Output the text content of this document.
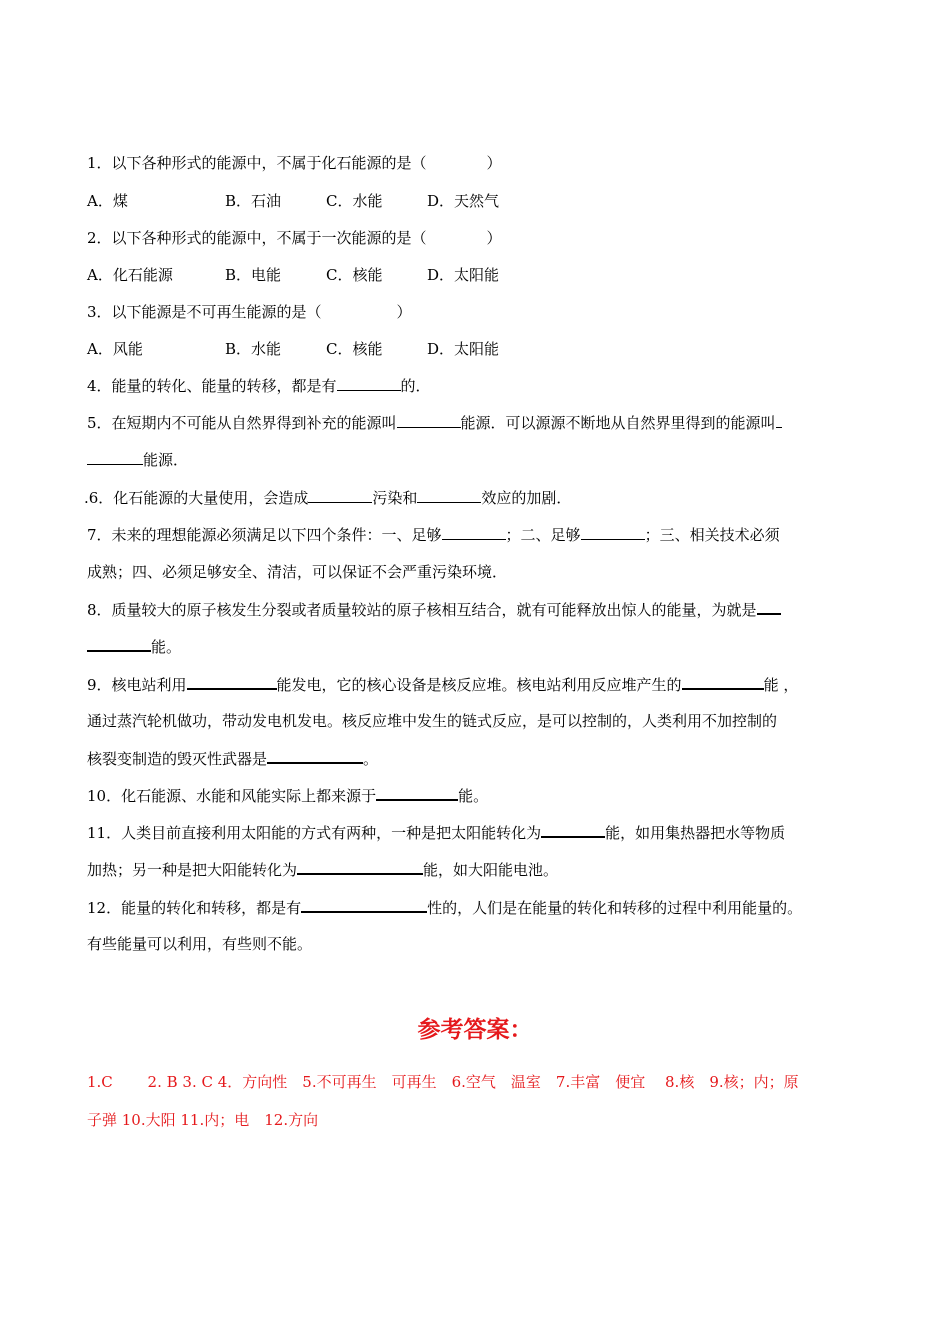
1．以下各种形式的能源中，不属于化石能源的是（　　　　）
A．煤	B．石油	C．水能	D．天然气
2．以下各种形式的能源中，不属于一次能源的是（　　　　）
A．化石能源	B．电能	C．核能	D．太阳能
3．以下能源是不可再生能源的是（　　　　　）
A．风能	B．水能	C．核能	D．太阳能
4．能量的转化、能量的转移，都是有	的．
5．在短期内不可能从自然界得到补充的能源叫	能源．可以源源不断地从自然界里得到的能源叫
能源．
.6．化石能源的大量使用，会造成	污染和	效应的加剧．
7．未来的理想能源必须满足以下四个条件：一、足够	；二、足够	；三、相关技术必须
成熟；四、必须足够安全、清洁，可以保证不会严重污染环境．
8．质量较大的原子核发生分裂或者质量较站的原子核相互结合，就有可能释放出惊人的能量，为就是
能。
9．核电站利用	能发电，它的核心设备是核反应堆。核电站利用反应堆产生的	能 ，
通过蒸汽轮机做功，带动发电机发电。核反应堆中发生的链式反应，是可以控制的，人类利用不加控制的
核裂变制造的毁灭性武器是	。
10．化石能源、水能和风能实际上都来源于	能。
11．人类目前直接利用太阳能的方式有两种，一种是把太阳能转化为	能，如用集热器把水等物质
加热；另一种是把大阳能转化为	能，如大阳能电池。
12．能量的转化和转移，都是有	性的，人们是在能量的转化和转移的过程中利用能量的。
有些能量可以利用，有些则不能。
参考答案：
1.C　　 2. B 3. C 4．方向性　5.不可再生　可再生　6.空气　温室　7.丰富　便宜　 8.核　9.核；内；原
子弹 10.大阳 11.内；电　12.方向
